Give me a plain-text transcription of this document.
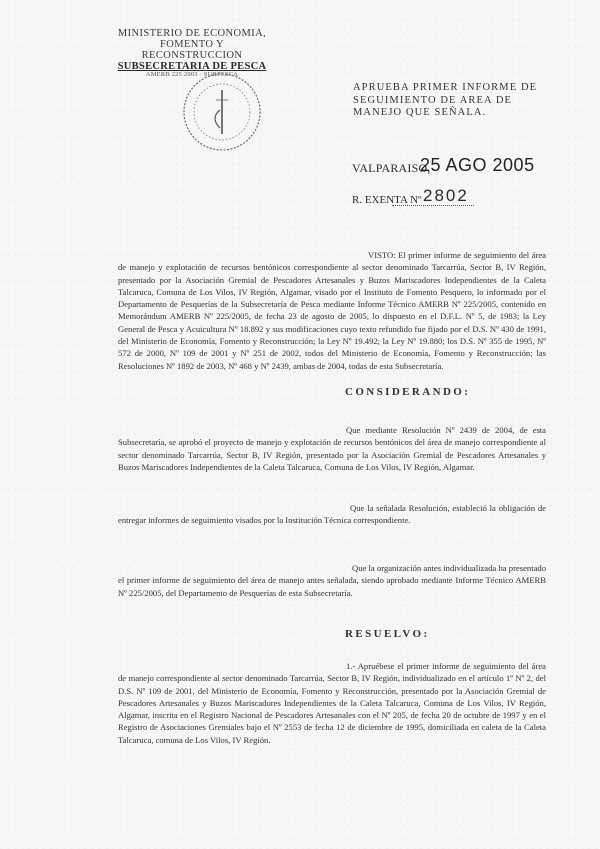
MINISTERIO DE ECONOMIA,
FOMENTO Y RECONSTRUCCION
SUBSECRETARIA DE PESCA
AMERB 225 2003 · SUBPESCA
APRUEBA PRIMER INFORME DE SEGUIMIENTO DE AREA DE MANEJO QUE SEÑALA.
VALPARAISO,
25 AGO 2005
R. EXENTA Nº 2802
VISTO: El primer informe de seguimiento del área de manejo y explotación de recursos bentónicos correspondiente al sector denominado Tarcarrúa, Sector B, IV Región, presentado por la Asociación Gremial de Pescadores Artesanales y Buzos Mariscadores Independientes de la Caleta Talcaruca, Comuna de Los Vilos, IV Región, Algamar, visado por el Instituto de Fomento Pesquero, lo informado por el Departamento de Pesquerías de la Subsecretaría de Pesca mediante Informe Técnico AMERB Nº 225/2005, contenido en Memorándum AMERB Nº 225/2005, de fecha 23 de agosto de 2005, lo dispuesto en el D.F.L. Nº 5, de 1983; la Ley General de Pesca y Acuicultura Nº 18.892 y sus modificaciones cuyo texto refundido fue fijado por el D.S. Nº 430 de 1991, del Ministerio de Economía, Fomento y Reconstrucción; la Ley Nº 19.492; la Ley Nº 19.880; los D.S. Nº 355 de 1995, Nº 572 de 2000, Nº 109 de 2001 y Nº 251 de 2002, todos del Ministerio de Economía, Fomento y Reconstrucción; las Resoluciones Nº 1892 de 2003, Nº 468 y Nº 2439, ambas de 2004, todas de esta Subsecretaría.
CONSIDERANDO:
Que mediante Resolución Nº 2439 de 2004, de esta Subsecretaría, se aprobó el proyecto de manejo y explotación de recursos bentónicos del área de manejo correspondiente al sector denominado Tarcarrúa, Sector B, IV Región, presentado por la Asociación Gremial de Pescadores Artesanales y Buzos Mariscadores Independientes de la Caleta Talcaruca, Comuna de Los Vilos, IV Región, Algamar.
Que la señalada Resolución, estableció la obligación de entregar informes de seguimiento visados por la Institución Técnica correspondiente.
Que la organización antes individualizada ha presentado el primer informe de seguimiento del área de manejo antes señalada, siendo aprobado mediante Informe Técnico AMERB Nº 225/2005, del Departamento de Pesquerías de esta Subsecretaría.
RESUELVO:
1.- Apruébese el primer informe de seguimiento del área de manejo correspondiente al sector denominado Tarcarrúa, Sector B, IV Región, individualizado en el artículo 1º Nº 2, del D.S. Nº 109 de 2001, del Ministerio de Economía, Fomento y Reconstrucción, presentado por la Asociación Gremial de Pescadores Artesanales y Buzos Mariscadores Independientes de la Caleta Talcaruca, Comuna de Los Vilos, IV Región, Algamar, inscrita en el Registro Nacional de Pescadores Artesanales con el Nº 205, de fecha 20 de octubre de 1997 y en el Registro de Asociaciones Gremiales bajo el Nº 2553 de fecha 12 de diciembre de 1995, domiciliada en caleta de la Caleta Talcaruca, comuna de Los Vilos, IV Región.
